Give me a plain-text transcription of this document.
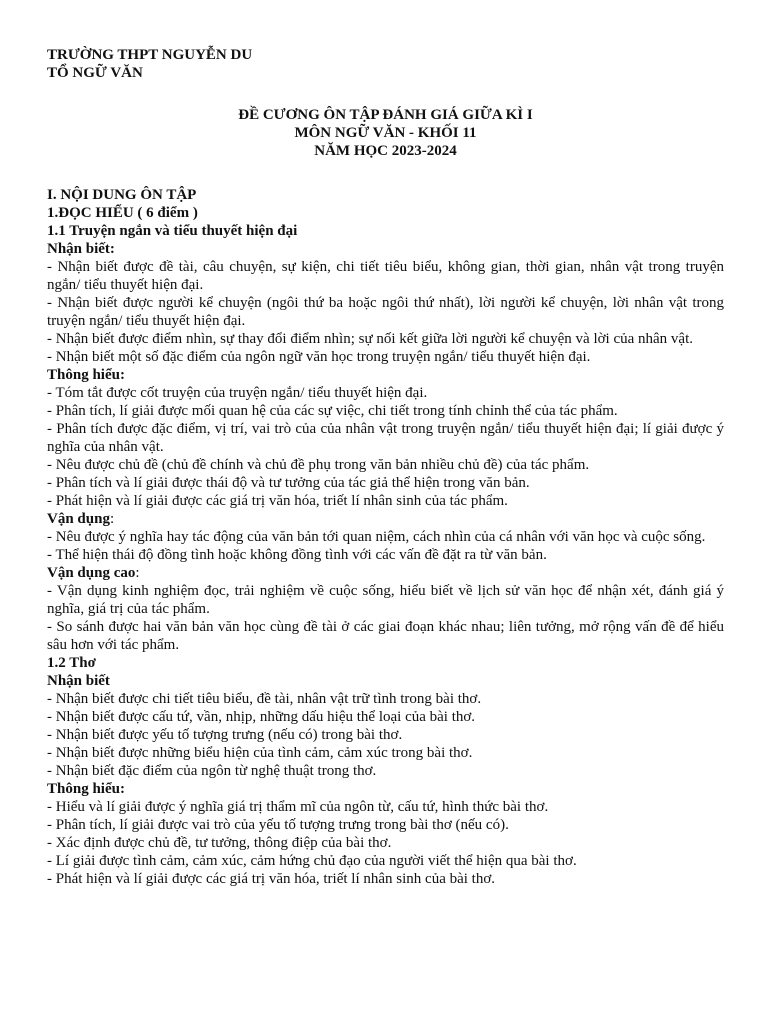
TRƯỜNG THPT NGUYỄN DU
TỔ NGỮ VĂN
ĐỀ CƯƠNG ÔN TẬP ĐÁNH GIÁ GIỮA KÌ I
MÔN NGỮ VĂN - KHỐI 11
NĂM HỌC 2023-2024
I. NỘI DUNG ÔN TẬP
1.ĐỌC HIỂU ( 6 điểm )
1.1 Truyện ngắn và tiểu thuyết hiện đại
Nhận biết:
- Nhận biết được đề tài, câu chuyện, sự kiện, chi tiết tiêu biểu, không gian, thời gian, nhân vật trong truyện ngắn/ tiểu thuyết hiện đại.
- Nhận biết được người kể chuyện (ngôi thứ ba hoặc ngôi thứ nhất), lời người kể chuyện, lời nhân vật trong truyện ngắn/ tiểu thuyết hiện đại.
- Nhận biết được điểm nhìn, sự thay đổi điểm nhìn; sự nối kết giữa lời người kể chuyện và lời của nhân vật.
- Nhận biết một số đặc điểm của ngôn ngữ văn học trong truyện ngắn/ tiểu thuyết hiện đại.
Thông hiểu:
- Tóm tắt được cốt truyện của truyện ngắn/ tiểu thuyết hiện đại.
- Phân tích, lí giải được mối quan hệ của các sự việc, chi tiết trong tính chỉnh thể của tác phẩm.
- Phân tích được đặc điểm, vị trí, vai trò của của nhân vật trong truyện ngắn/ tiểu thuyết hiện đại; lí giải được ý nghĩa của nhân vật.
- Nêu được chủ đề (chủ đề chính và chủ đề phụ trong văn bản nhiều chủ đề) của tác phẩm.
- Phân tích và lí giải được thái độ và tư tưởng của tác giả thể hiện trong văn bản.
- Phát hiện và lí giải được các giá trị văn hóa, triết lí nhân sinh của tác phẩm.
Vận dụng:
- Nêu được ý nghĩa hay tác động của văn bản tới quan niệm, cách nhìn của cá nhân với văn học và cuộc sống.
- Thể hiện thái độ đồng tình hoặc không đồng tình với các vấn đề đặt ra từ văn bản.
Vận dụng cao:
- Vận dụng kinh nghiệm đọc, trải nghiệm về cuộc sống, hiểu biết về lịch sử văn học để nhận xét, đánh giá ý nghĩa, giá trị của tác phẩm.
- So sánh được hai văn bản văn học cùng đề tài ở các giai đoạn khác nhau; liên tưởng, mở rộng vấn đề để hiểu sâu hơn với tác phẩm.
1.2 Thơ
Nhận biết
- Nhận biết được chi tiết tiêu biểu, đề tài, nhân vật trữ tình trong bài thơ.
- Nhận biết được cấu tứ, vần, nhịp, những dấu hiệu thể loại của bài thơ.
- Nhận biết được yếu tố tượng trưng (nếu có) trong bài thơ.
- Nhận biết được những biểu hiện của tình cảm, cảm xúc trong bài thơ.
- Nhận biết đặc điểm của ngôn từ nghệ thuật trong thơ.
Thông hiểu:
- Hiểu và lí giải được ý nghĩa giá trị thẩm mĩ của ngôn từ, cấu tứ, hình thức bài thơ.
- Phân tích, lí giải được vai trò của yếu tố tượng trưng trong bài thơ (nếu có).
- Xác định được chủ đề, tư tưởng, thông điệp của bài thơ.
- Lí giải được tình cảm, cảm xúc, cảm hứng chủ đạo của người viết thể hiện qua bài thơ.
- Phát hiện và lí giải được các giá trị văn hóa, triết lí nhân sinh của bài thơ.
